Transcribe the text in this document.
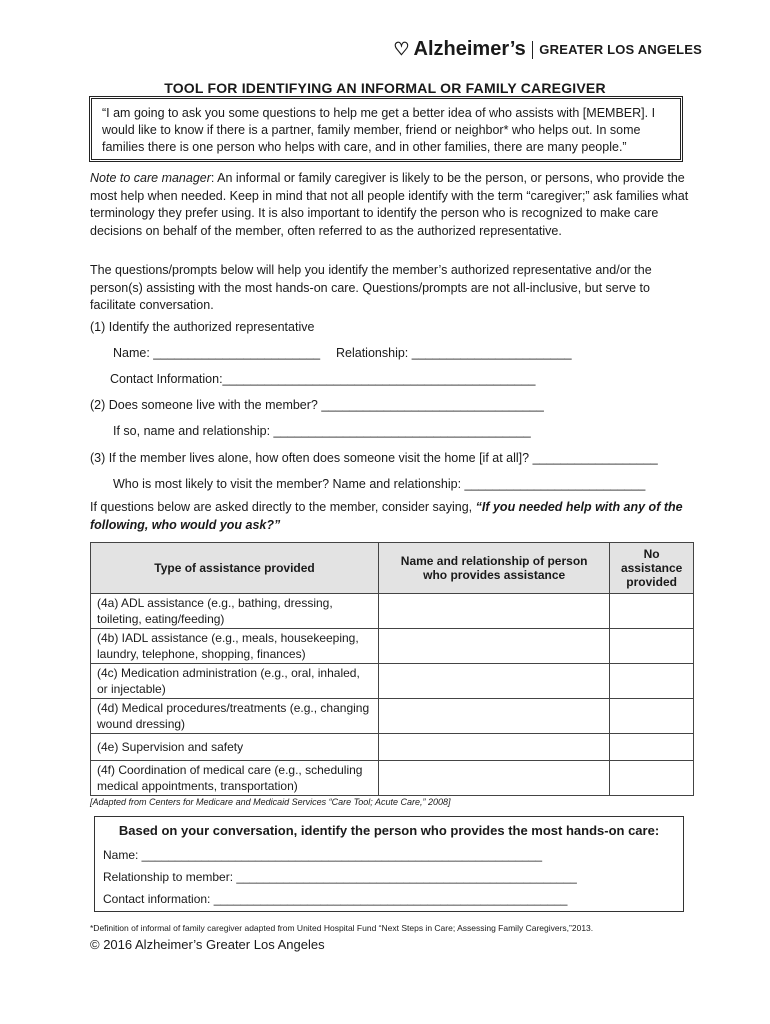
♡ Alzheimer’s GREATER LOS ANGELES
TOOL FOR IDENTIFYING AN INFORMAL OR FAMILY CAREGIVER
“I am going to ask you some questions to help me get a better idea of who assists with [MEMBER]. I would like to know if there is a partner, family member, friend or neighbor* who helps out. In some families there is one person who helps with care, and in other families, there are many people.”
Note to care manager: An informal or family caregiver is likely to be the person, or persons, who provide the most help when needed. Keep in mind that not all people identify with the term “caregiver;” ask families what terminology they prefer using. It is also important to identify the person who is recognized to make care decisions on behalf of the member, often referred to as the authorized representative.
The questions/prompts below will help you identify the member’s authorized representative and/or the person(s) assisting with the most hands-on care. Questions/prompts are not all-inclusive, but serve to facilitate conversation.
(1) Identify the authorized representative
Name: ________________________ Relationship: _______________________
Contact Information:_____________________________________________
(2) Does someone live with the member? ________________________________
If so, name and relationship: _____________________________________
(3) If the member lives alone, how often does someone visit the home [if at all]? __________________
Who is most likely to visit the member? Name and relationship: __________________________
If questions below are asked directly to the member, consider saying, “If you needed help with any of the following, who would you ask?”
Type of assistance provided	Name and relationship of person who provides assistance	No assistance provided
(4a) ADL assistance (e.g., bathing, dressing, toileting, eating/feeding)		
(4b) IADL assistance (e.g., meals, housekeeping, laundry, telephone, shopping, finances)		
(4c) Medication administration (e.g., oral, inhaled, or injectable)		
(4d) Medical procedures/treatments (e.g., changing wound dressing)		
(4e) Supervision and safety		
(4f) Coordination of medical care (e.g., scheduling medical appointments, transportation)		
[Adapted from Centers for Medicare and Medicaid Services “Care Tool; Acute Care,” 2008]
Based on your conversation, identify the person who provides the most hands-on care:
Name: ____________________________________________________________
Relationship to member: ___________________________________________________
Contact information: _____________________________________________________
*Definition of informal of family caregiver adapted from United Hospital Fund “Next Steps in Care; Assessing Family Caregivers,”2013.
© 2016 Alzheimer’s Greater Los Angeles
